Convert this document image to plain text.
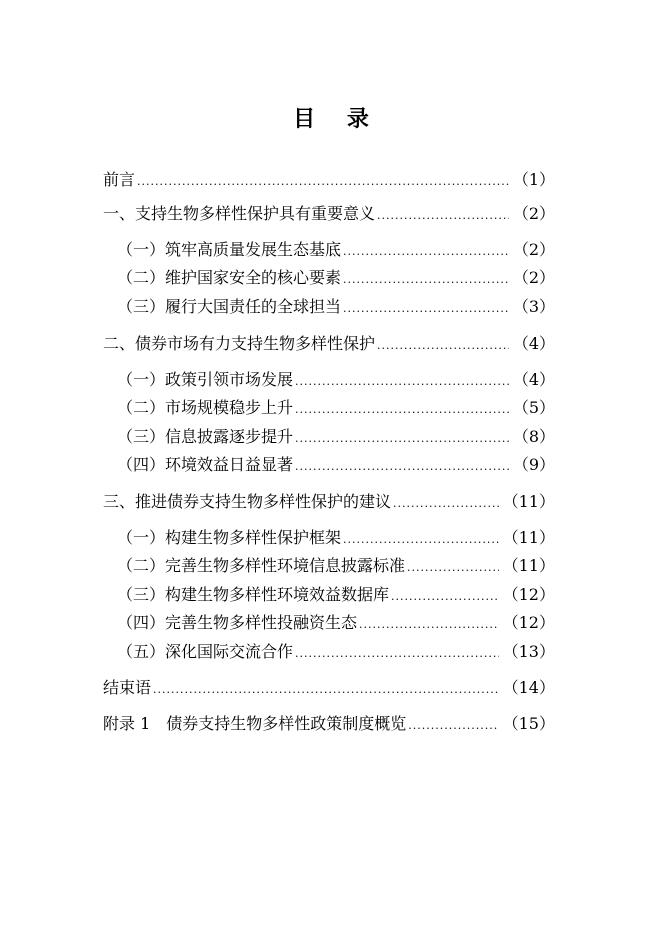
目 录
前言 .....	（1）
一、支持生物多样性保护具有重要意义 .....	（2）
（一）筑牢高质量发展生态基底 .....	（2）
（二）维护国家安全的核心要素 .....	（2）
（三）履行大国责任的全球担当 .....	（3）
二、债券市场有力支持生物多样性保护 .....	（4）
（一）政策引领市场发展 .....	（4）
（二）市场规模稳步上升 .....	（5）
（三）信息披露逐步提升 .....	（8）
（四）环境效益日益显著 .....	（9）
三、推进债券支持生物多样性保护的建议 .....	（11）
（一）构建生物多样性保护框架 .....	（11）
（二）完善生物多样性环境信息披露标准 .....	（11）
（三）构建生物多样性环境效益数据库 .....	（12）
（四）完善生物多样性投融资生态 .....	（12）
（五）深化国际交流合作 .....	（13）
结束语 .....	（14）
附录 1　债券支持生物多样性政策制度概览 .....	（15）
